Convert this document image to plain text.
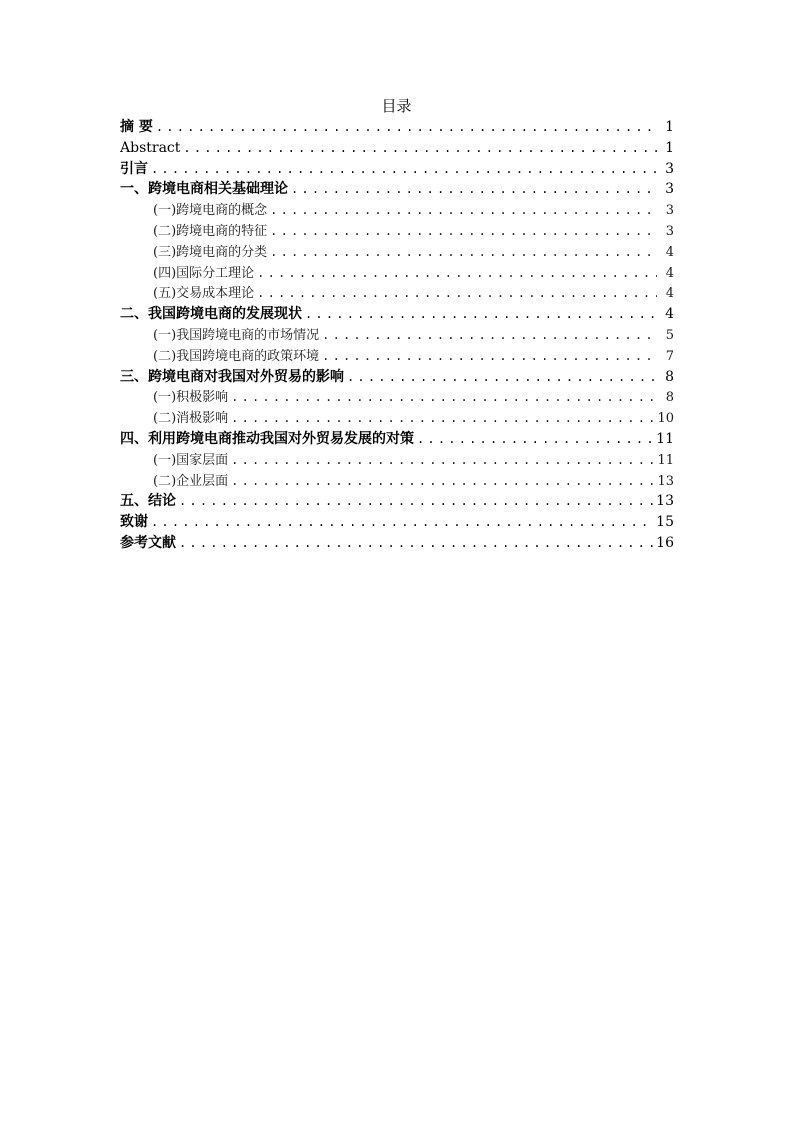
目录
摘 要 .....	1
Abstract .....	1
引言 .....	3
一、跨境电商相关基础理论 .....	3
(一)跨境电商的概念 .....	3
(二)跨境电商的特征 .....	3
(三)跨境电商的分类 .....	4
(四)国际分工理论 .....	4
(五)交易成本理论 .....	4
二、我国跨境电商的发展现状 .....	4
(一)我国跨境电商的市场情况 .....	5
(二)我国跨境电商的政策环境 .....	7
三、跨境电商对我国对外贸易的影响 .....	8
(一)积极影响 .....	8
(二)消极影响 .....	10
四、利用跨境电商推动我国对外贸易发展的对策 .....	11
(一)国家层面 .....	11
(二)企业层面 .....	13
五、结论 .....	13
致谢 .....	15
参考文献 .....	16
